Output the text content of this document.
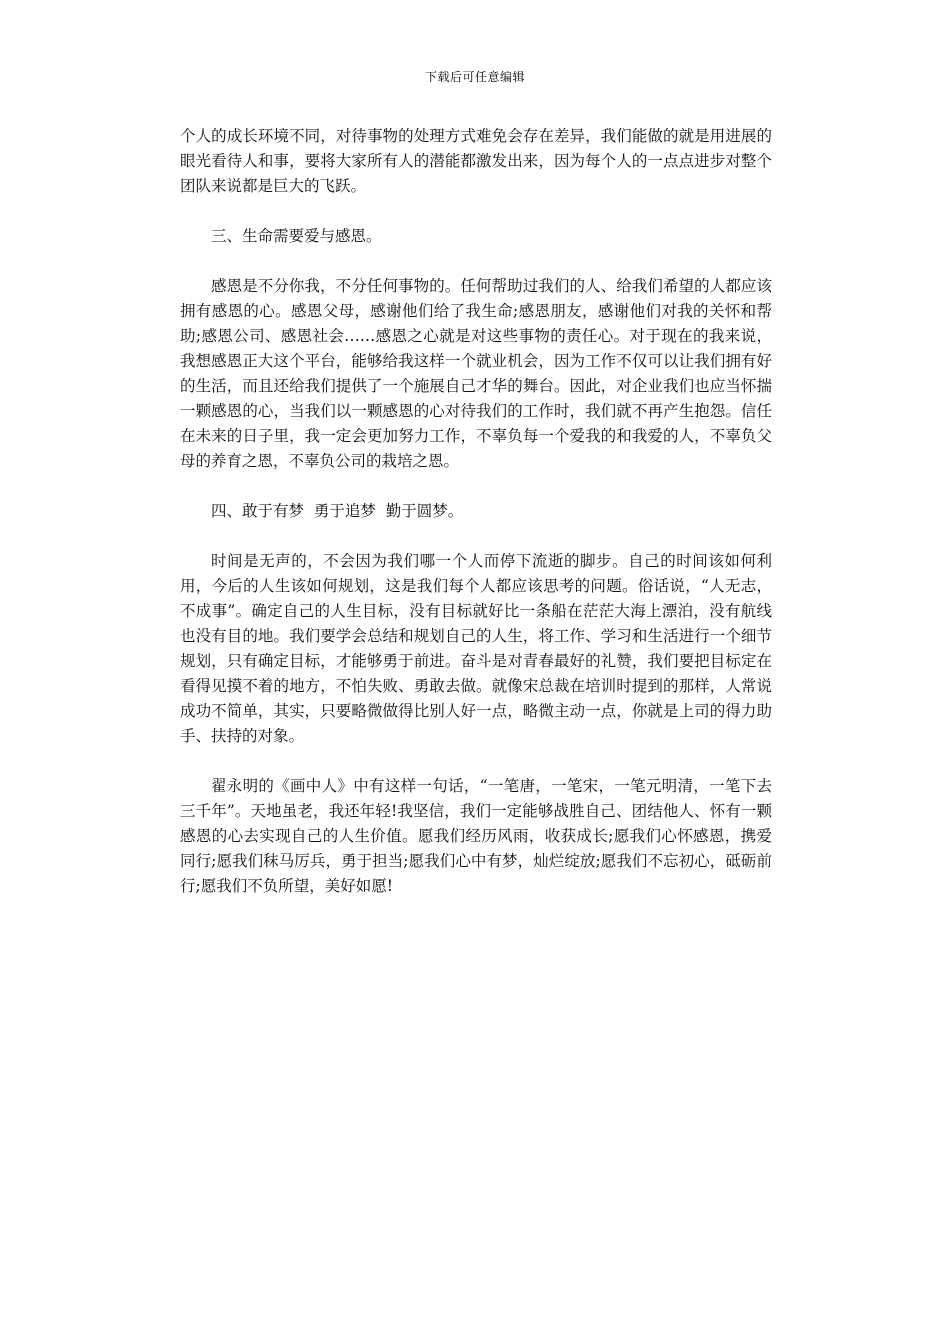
下载后可任意编辑

个人的成长环境不同，对待事物的处理方式难免会存在差异，我们能做的就是用进展的眼光看待人和事，要将大家所有人的潜能都激发出来，因为每个人的一点点进步对整个团队来说都是巨大的飞跃。

三、生命需要爱与感恩。

感恩是不分你我，不分任何事物的。任何帮助过我们的人、给我们希望的人都应该拥有感恩的心。感恩父母，感谢他们给了我生命;感恩朋友，感谢他们对我的关怀和帮助;感恩公司、感恩社会……感恩之心就是对这些事物的责任心。对于现在的我来说，我想感恩正大这个平台，能够给我这样一个就业机会，因为工作不仅可以让我们拥有好的生活，而且还给我们提供了一个施展自己才华的舞台。因此，对企业我们也应当怀揣一颗感恩的心，当我们以一颗感恩的心对待我们的工作时，我们就不再产生抱怨。信任在未来的日子里，我一定会更加努力工作，不辜负每一个爱我的和我爱的人，不辜负父母的养育之恩，不辜负公司的栽培之恩。

四、敢于有梦  勇于追梦  勤于圆梦。

时间是无声的，不会因为我们哪一个人而停下流逝的脚步。自己的时间该如何利用，今后的人生该如何规划，这是我们每个人都应该思考的问题。俗话说，“人无志，不成事”。确定自己的人生目标，没有目标就好比一条船在茫茫大海上漂泊，没有航线也没有目的地。我们要学会总结和规划自己的人生，将工作、学习和生活进行一个细节规划，只有确定目标，才能够勇于前进。奋斗是对青春最好的礼赞，我们要把目标定在看得见摸不着的地方，不怕失败、勇敢去做。就像宋总裁在培训时提到的那样，人常说成功不简单，其实，只要略微做得比别人好一点，略微主动一点，你就是上司的得力助手、扶持的对象。

翟永明的《画中人》中有这样一句话，“一笔唐，一笔宋，一笔元明清，一笔下去三千年”。天地虽老，我还年轻!我坚信，我们一定能够战胜自己、团结他人、怀有一颗感恩的心去实现自己的人生价值。愿我们经历风雨，收获成长;愿我们心怀感恩，携爱同行;愿我们秣马厉兵，勇于担当;愿我们心中有梦，灿烂绽放;愿我们不忘初心，砥砺前行;愿我们不负所望，美好如愿!
